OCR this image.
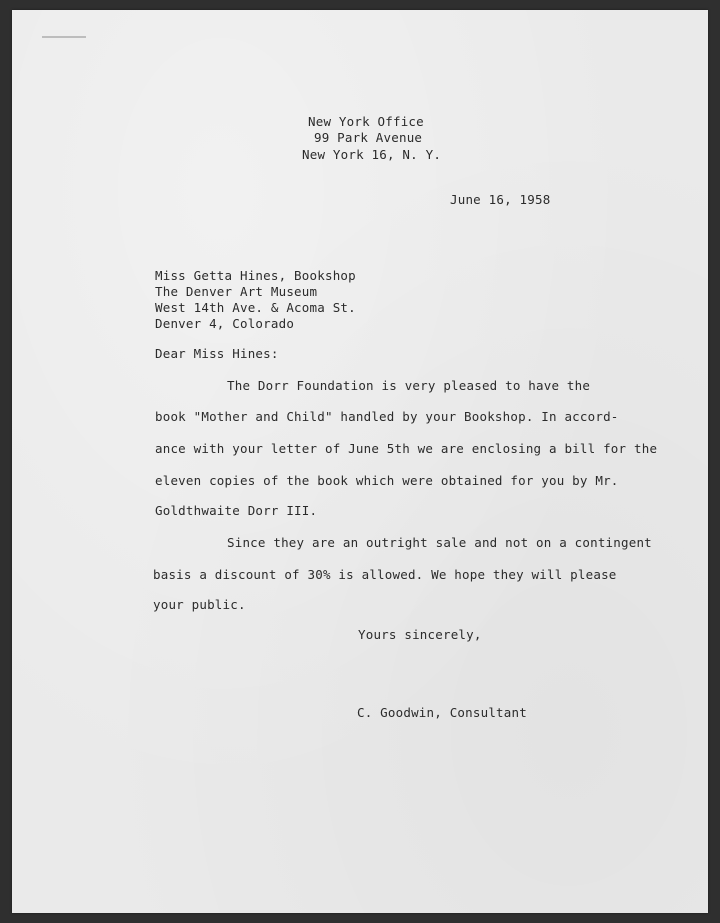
New York Office
99 Park Avenue
New York 16, N. Y.
June 16, 1958
Miss Getta Hines, Bookshop
The Denver Art Museum
West 14th Ave. & Acoma St.
Denver 4, Colorado
Dear Miss Hines:
The Dorr Foundation is very pleased to have the
book "Mother and Child" handled by your Bookshop. In accord-
ance with your letter of June 5th we are enclosing a bill for the
eleven copies of the book which were obtained for you by Mr.
Goldthwaite Dorr III.
Since they are an outright sale and not on a contingent
basis a discount of 30% is allowed. We hope they will please
your public.
Yours sincerely,
C. Goodwin, Consultant
